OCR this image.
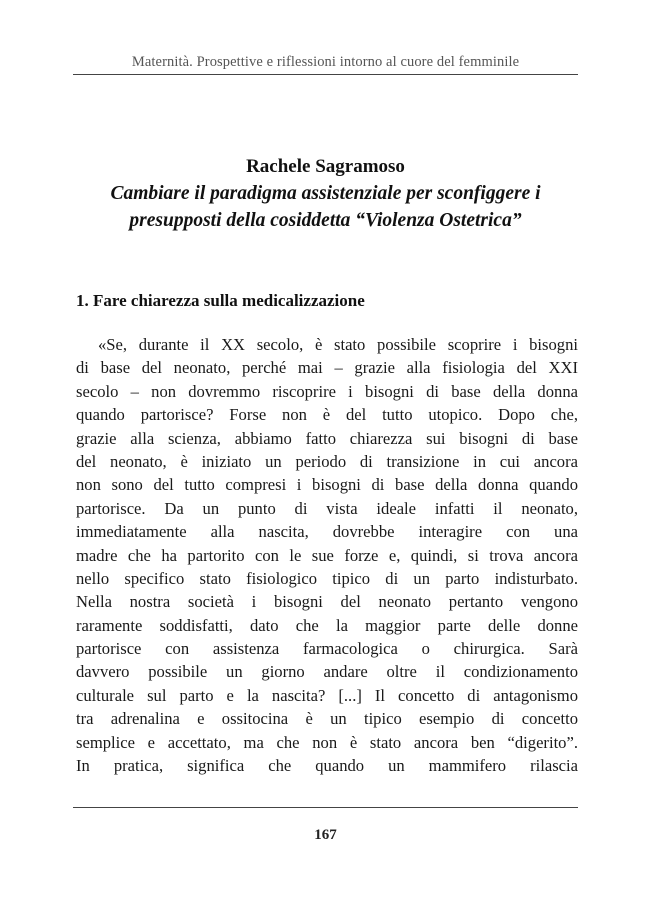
Maternità. Prospettive e riflessioni intorno al cuore del femminile
Rachele Sagramoso
Cambiare il paradigma assistenziale per sconfiggere i
presupposti della cosiddetta “Violenza Ostetrica”
1. Fare chiarezza sulla medicalizzazione
«Se, durante il XX secolo, è stato possibile scoprire i bisogni
di base del neonato, perché mai – grazie alla fisiologia del XXI
secolo – non dovremmo riscoprire i bisogni di base della donna
quando partorisce? Forse non è del tutto utopico. Dopo che,
grazie alla scienza, abbiamo fatto chiarezza sui bisogni di base
del neonato, è iniziato un periodo di transizione in cui ancora
non sono del tutto compresi i bisogni di base della donna quando
partorisce. Da un punto di vista ideale infatti il neonato,
immediatamente alla nascita, dovrebbe interagire con una
madre che ha partorito con le sue forze e, quindi, si trova ancora
nello specifico stato fisiologico tipico di un parto indisturbato.
Nella nostra società i bisogni del neonato pertanto vengono
raramente soddisfatti, dato che la maggior parte delle donne
partorisce con assistenza farmacologica o chirurgica. Sarà
davvero possibile un giorno andare oltre il condizionamento
culturale sul parto e la nascita? [...] Il concetto di antagonismo
tra adrenalina e ossitocina è un tipico esempio di concetto
semplice e accettato, ma che non è stato ancora ben “digerito”.
In pratica, significa che quando un mammifero rilascia
167
